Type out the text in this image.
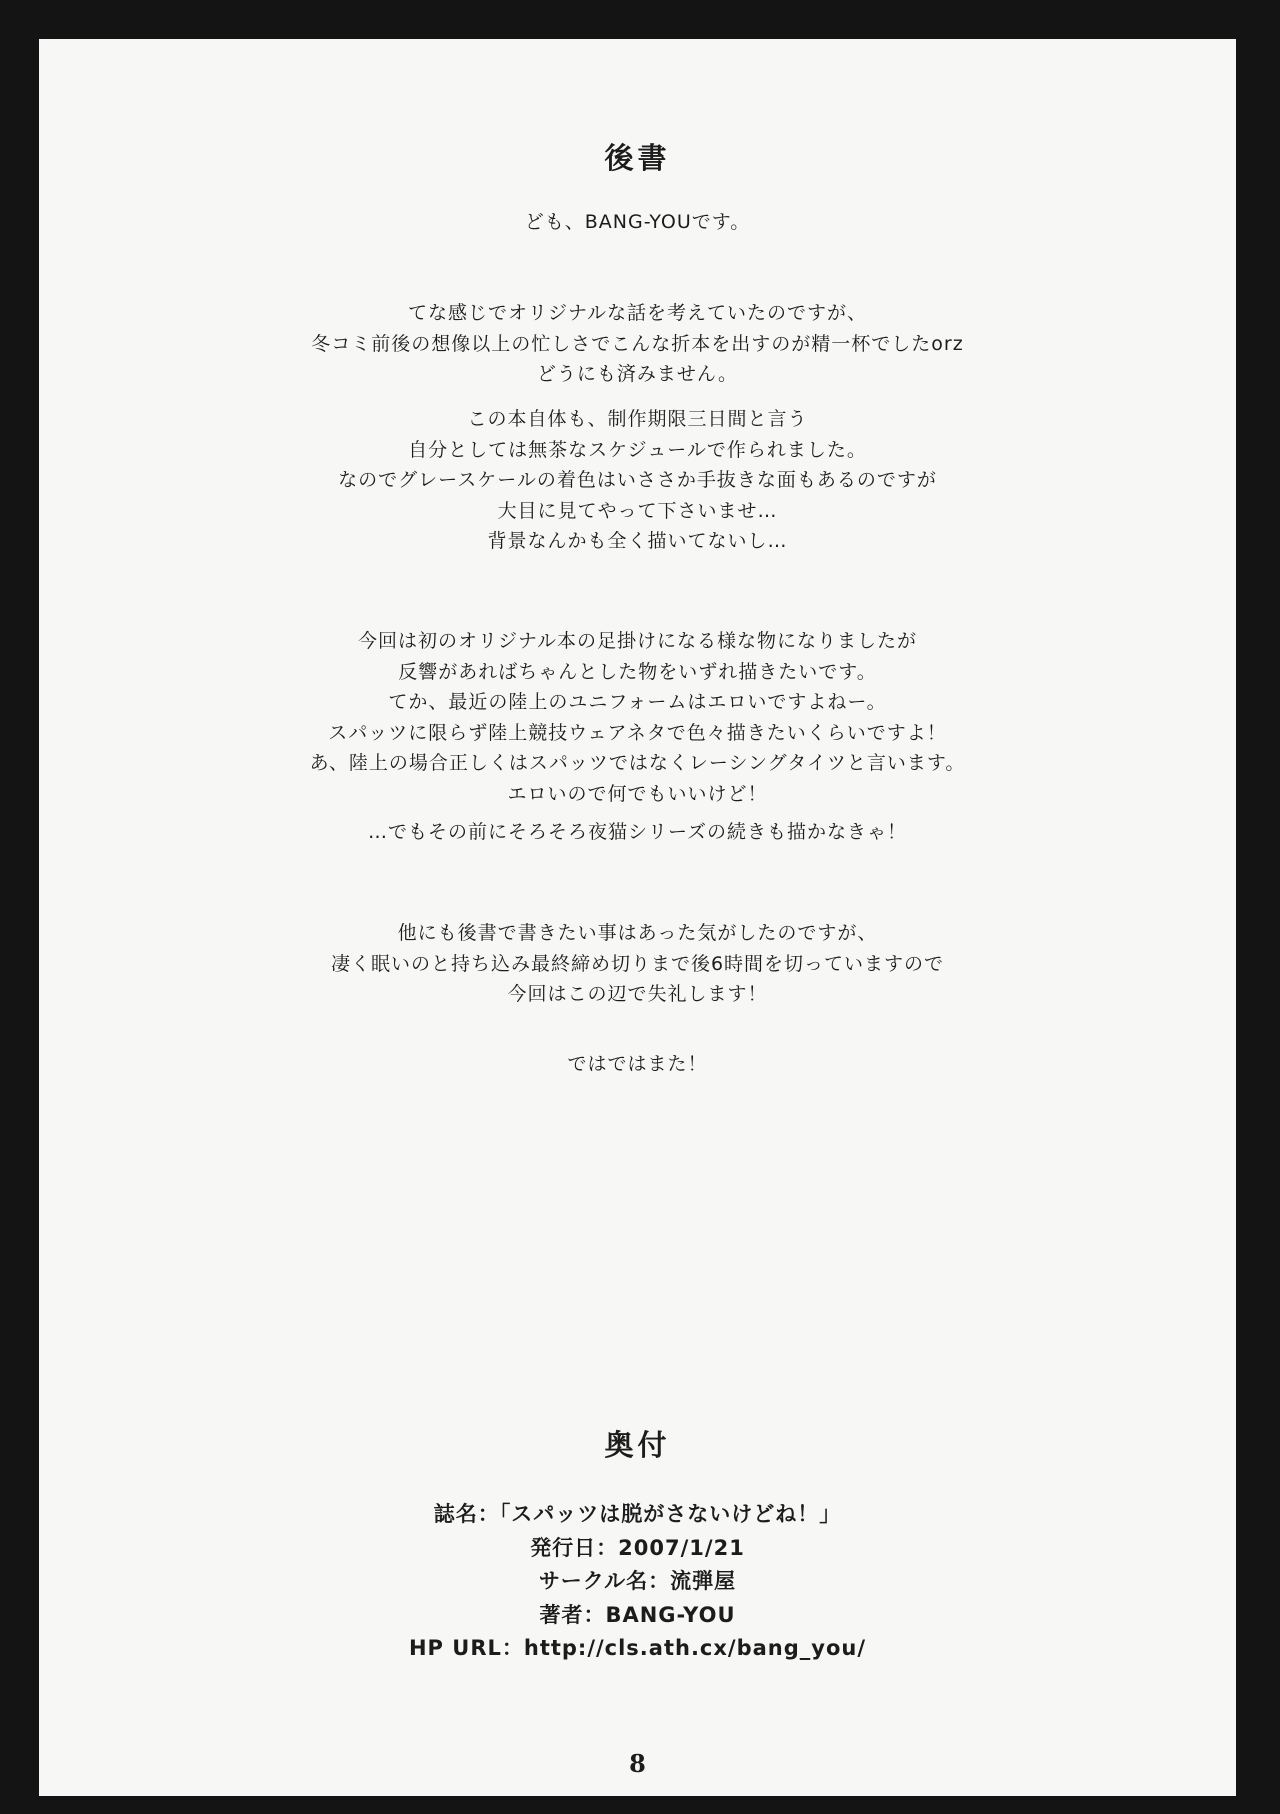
後書
ども、BANG-YOUです。
てな感じでオリジナルな話を考えていたのですが、
冬コミ前後の想像以上の忙しさでこんな折本を出すのが精一杯でしたorz
どうにも済みません。
この本自体も、制作期限三日間と言う
自分としては無茶なスケジュールで作られました。
なのでグレースケールの着色はいささか手抜きな面もあるのですが
大目に見てやって下さいませ…
背景なんかも全く描いてないし…
今回は初のオリジナル本の足掛けになる様な物になりましたが
反響があればちゃんとした物をいずれ描きたいです。
てか、最近の陸上のユニフォームはエロいですよねー。
スパッツに限らず陸上競技ウェアネタで色々描きたいくらいですよ！
あ、陸上の場合正しくはスパッツではなくレーシングタイツと言います。
エロいので何でもいいけど！
…でもその前にそろそろ夜猫シリーズの続きも描かなきゃ！
他にも後書で書きたい事はあった気がしたのですが、
凄く眠いのと持ち込み最終締め切りまで後6時間を切っていますので
今回はこの辺で失礼します！
ではではまた！
奥付
誌名：「スパッツは脱がさないけどね！」
発行日：2007/1/21
サークル名：流弾屋
著者：BANG-YOU
HP URL：http://cls.ath.cx/bang_you/
8
